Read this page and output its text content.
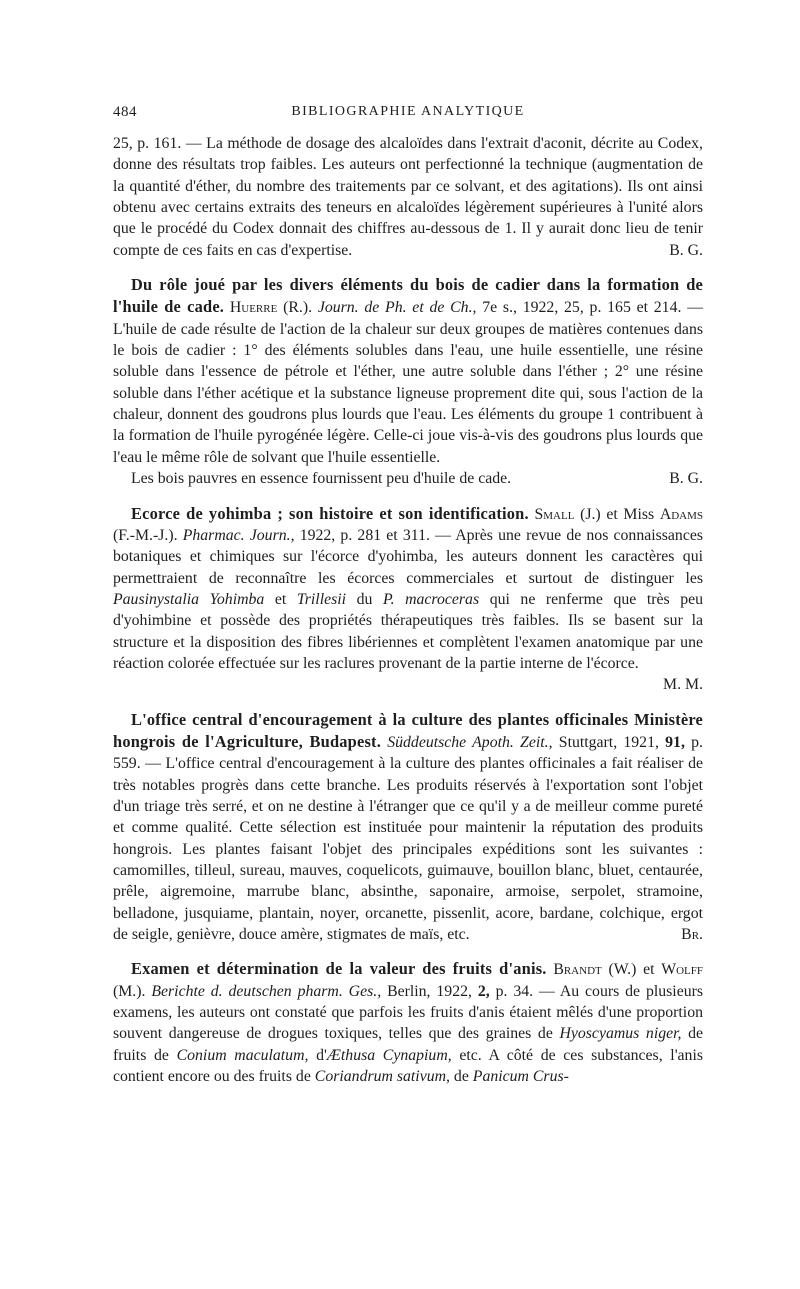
484	BIBLIOGRAPHIE ANALYTIQUE

25, p. 161. — La méthode de dosage des alcaloïdes dans l'extrait d'aconit, décrite au Codex, donne des résultats trop faibles. Les auteurs ont perfectionné la technique (augmentation de la quantité d'éther, du nombre des traitements par ce solvant, et des agitations). Ils ont ainsi obtenu avec certains extraits des teneurs en alcaloïdes légèrement supérieures à l'unité alors que le procédé du Codex donnait des chiffres au-dessous de 1. Il y aurait donc lieu de tenir compte de ces faits en cas d'expertise.	B. G.

Du rôle joué par les divers éléments du bois de cadier dans la formation de l'huile de cade. Huerre (R.). Journ. de Ph. et de Ch., 7e s., 1922, 25, p. 165 et 214. — L'huile de cade résulte de l'action de la chaleur sur deux groupes de matières contenues dans le bois de cadier : 1° des éléments solubles dans l'eau, une huile essentielle, une résine soluble dans l'essence de pétrole et l'éther, une autre soluble dans l'éther ; 2° une résine soluble dans l'éther acétique et la substance ligneuse proprement dite qui, sous l'action de la chaleur, donnent des goudrons plus lourds que l'eau. Les éléments du groupe 1 contribuent à la formation de l'huile pyrogénée légère. Celle-ci joue vis-à-vis des goudrons plus lourds que l'eau le même rôle de solvant que l'huile essentielle.

Les bois pauvres en essence fournissent peu d'huile de cade.	B. G.

Ecorce de yohimba ; son histoire et son identification. Small (J.) et Miss Adams (F.-M.-J.). Pharmac. Journ., 1922, p. 281 et 311. — Après une revue de nos connaissances botaniques et chimiques sur l'écorce d'yohimba, les auteurs donnent les caractères qui permettraient de reconnaître les écorces commerciales et surtout de distinguer les Pausinystalia Yohimba et Trillesii du P. macroceras qui ne renferme que très peu d'yohimbine et possède des propriétés thérapeutiques très faibles. Ils se basent sur la structure et la disposition des fibres libériennes et complètent l'examen anatomique par une réaction colorée effectuée sur les raclures provenant de la partie interne de l'écorce.
M. M.

L'office central d'encouragement à la culture des plantes officinales Ministère hongrois de l'Agriculture, Budapest. Süddeutsche Apoth. Zeit., Stuttgart, 1921, 91, p. 559. — L'office central d'encouragement à la culture des plantes officinales a fait réaliser de très notables progrès dans cette branche. Les produits réservés à l'exportation sont l'objet d'un triage très serré, et on ne destine à l'étranger que ce qu'il y a de meilleur comme pureté et comme qualité. Cette sélection est instituée pour maintenir la réputation des produits hongrois. Les plantes faisant l'objet des principales expéditions sont les suivantes : camomilles, tilleul, sureau, mauves, coquelicots, guimauve, bouillon blanc, bluet, centaurée, prêle, aigremoine, marrube blanc, absinthe, saponaire, armoise, serpolet, stramoine, belladone, jusquiame, plantain, noyer, orcanette, pissenlit, acore, bardane, colchique, ergot de seigle, genièvre, douce amère, stigmates de maïs, etc.	Br.

Examen et détermination de la valeur des fruits d'anis. Brandt (W.) et Wolff (M.). Berichte d. deutschen pharm. Ges., Berlin, 1922, 2, p. 34. — Au cours de plusieurs examens, les auteurs ont constaté que parfois les fruits d'anis étaient mêlés d'une proportion souvent dangereuse de drogues toxiques, telles que des graines de Hyoscyamus niger, de fruits de Conium maculatum, d'Æthusa Cynapium, etc. A côté de ces substances, l'anis contient encore ou des fruits de Coriandrum sativum, de Panicum Crus-
